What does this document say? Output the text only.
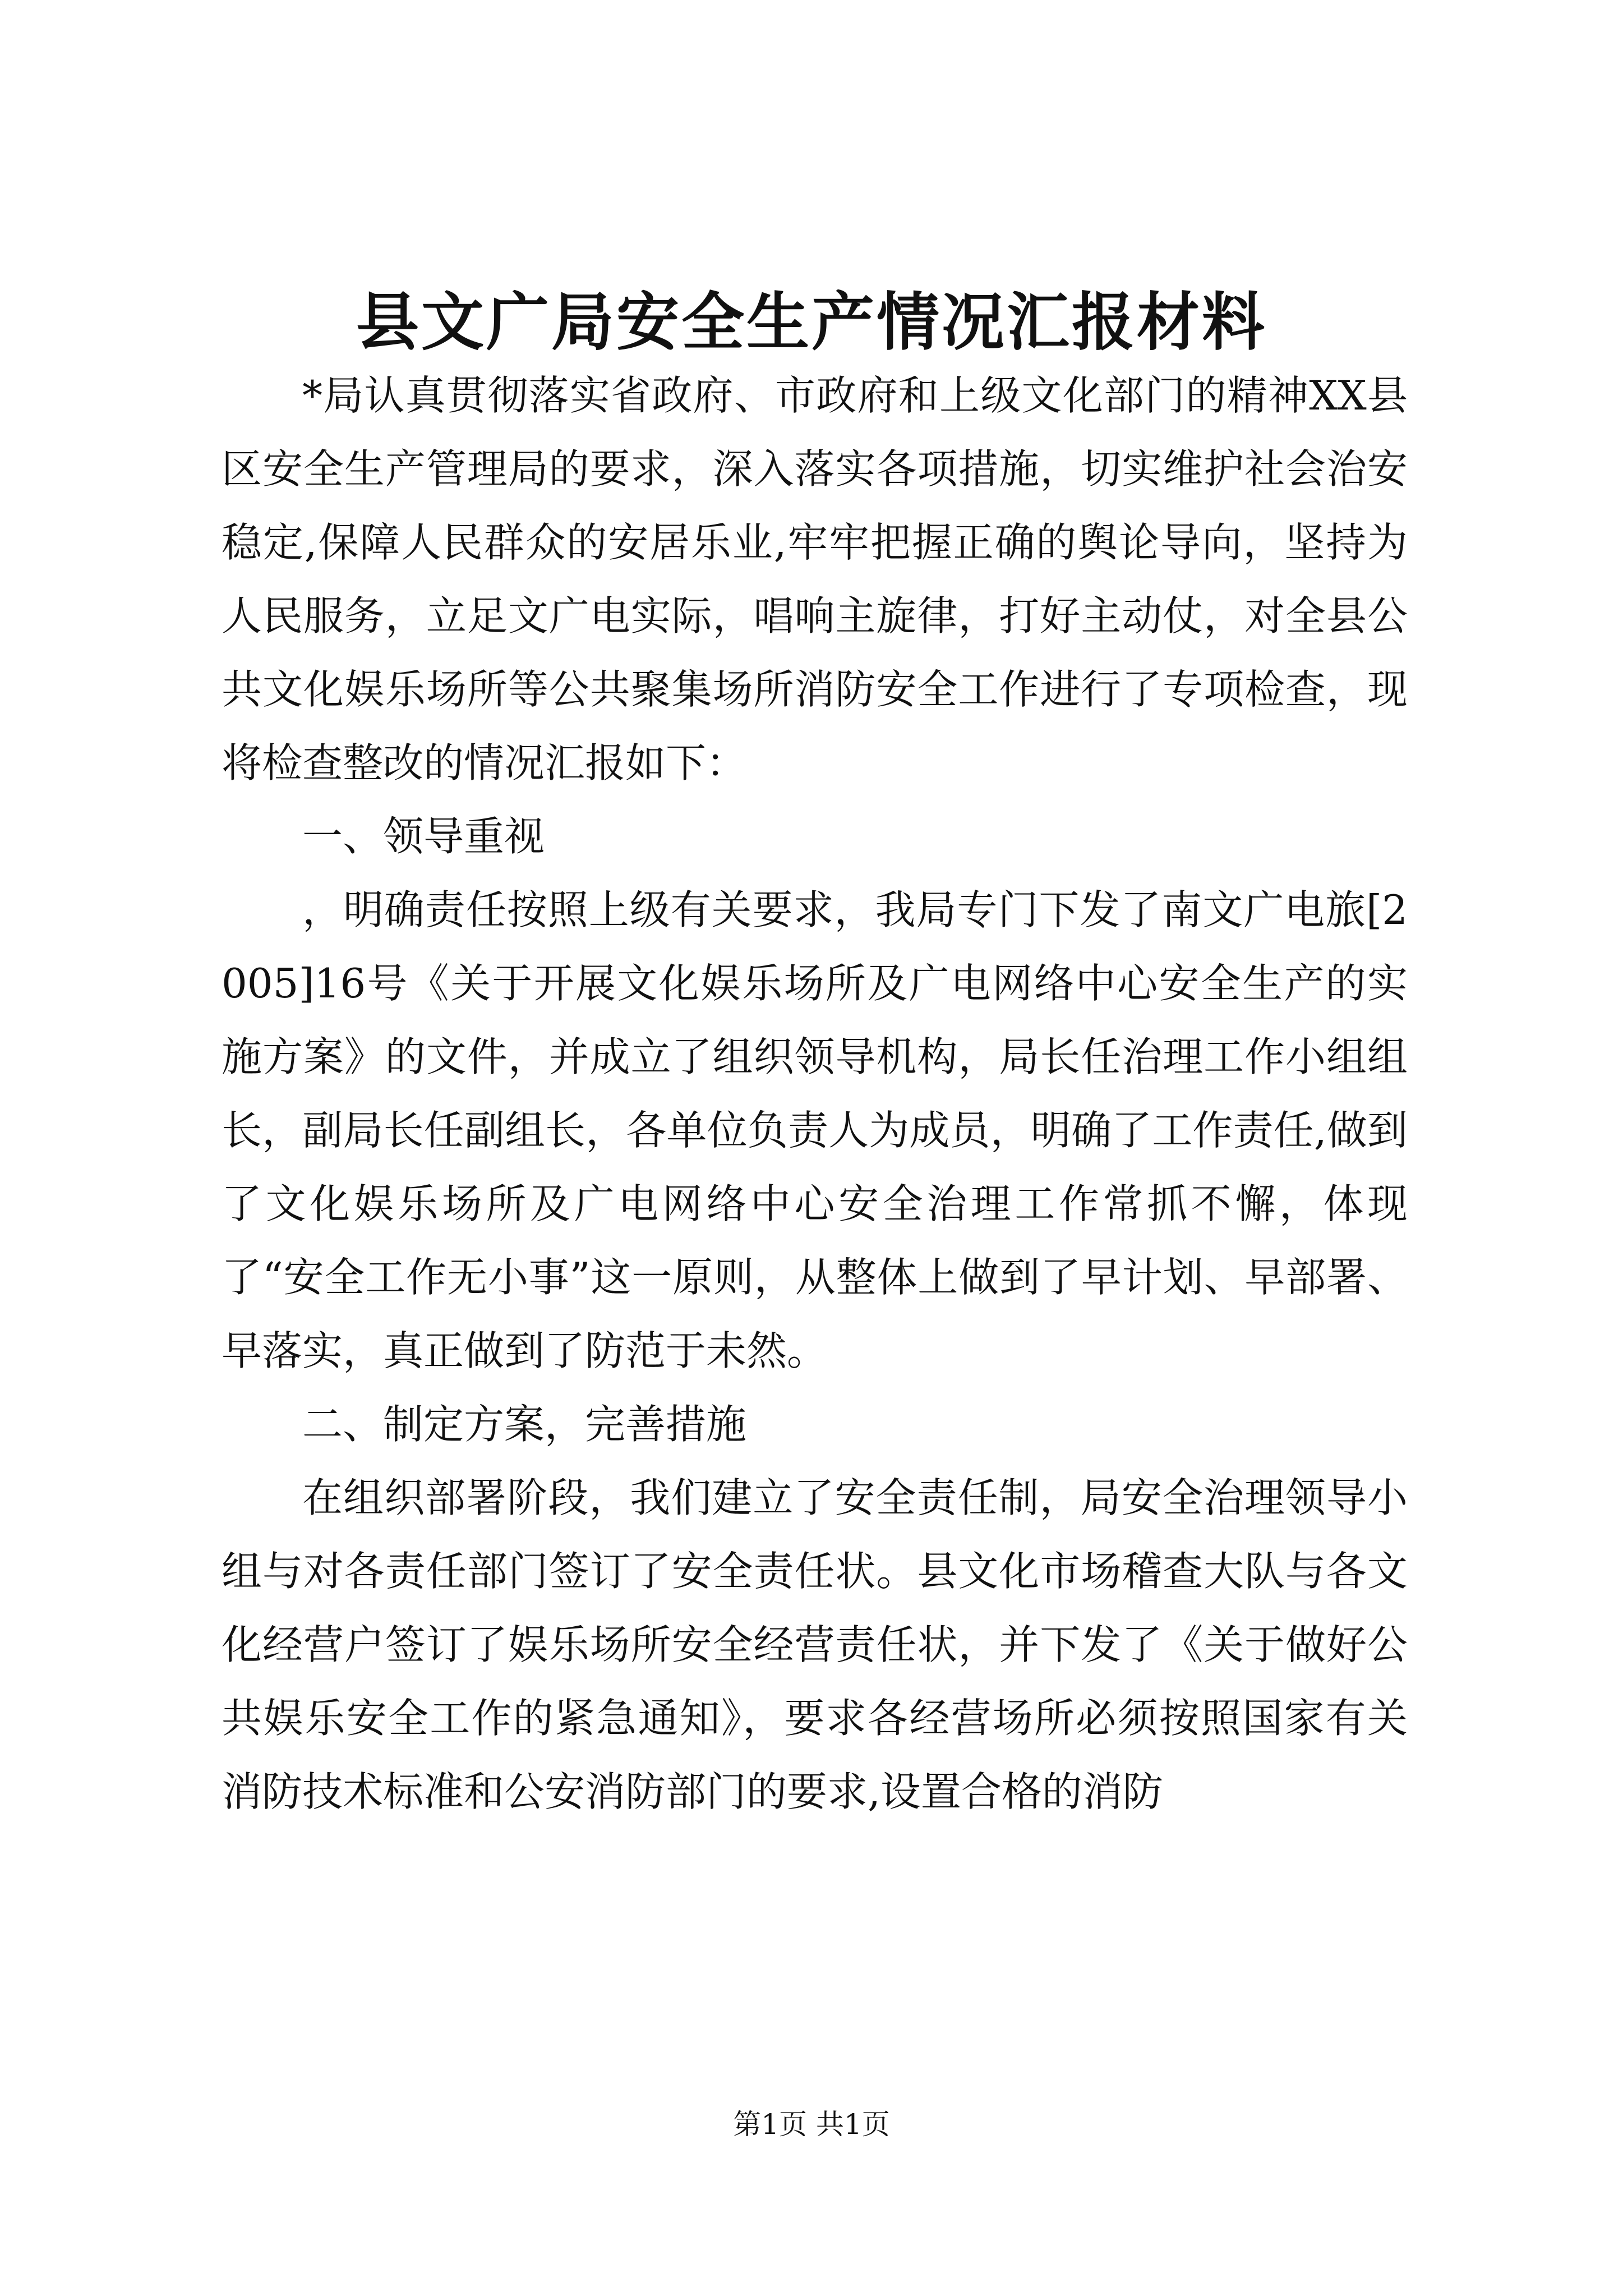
县文广局安全生产情况汇报材料

*局认真贯彻落实省政府、市政府和上级文化部门的精神XX县区安全生产管理局的要求，深入落实各项措施，切实维护社会治安稳定,保障人民群众的安居乐业,牢牢把握正确的舆论导向，坚持为人民服务，立足文广电实际，唱响主旋律，打好主动仗，对全县公共文化娱乐场所等公共聚集场所消防安全工作进行了专项检查，现将检查整改的情况汇报如下：

一、领导重视

，明确责任按照上级有关要求，我局专门下发了南文广电旅[2005]16号《关于开展文化娱乐场所及广电网络中心安全生产的实施方案》的文件，并成立了组织领导机构，局长任治理工作小组组长，副局长任副组长，各单位负责人为成员，明确了工作责任,做到了文化娱乐场所及广电网络中心安全治理工作常抓不懈，体现了“安全工作无小事”这一原则，从整体上做到了早计划、早部署、早落实，真正做到了防范于未然。

二、制定方案，完善措施

在组织部署阶段，我们建立了安全责任制，局安全治理领导小组与对各责任部门签订了安全责任状。县文化市场稽查大队与各文化经营户签订了娱乐场所安全经营责任状，并下发了《关于做好公共娱乐安全工作的紧急通知》，要求各经营场所必须按照国家有关消防技术标准和公安消防部门的要求,设置合格的消防

第1页 共1页
